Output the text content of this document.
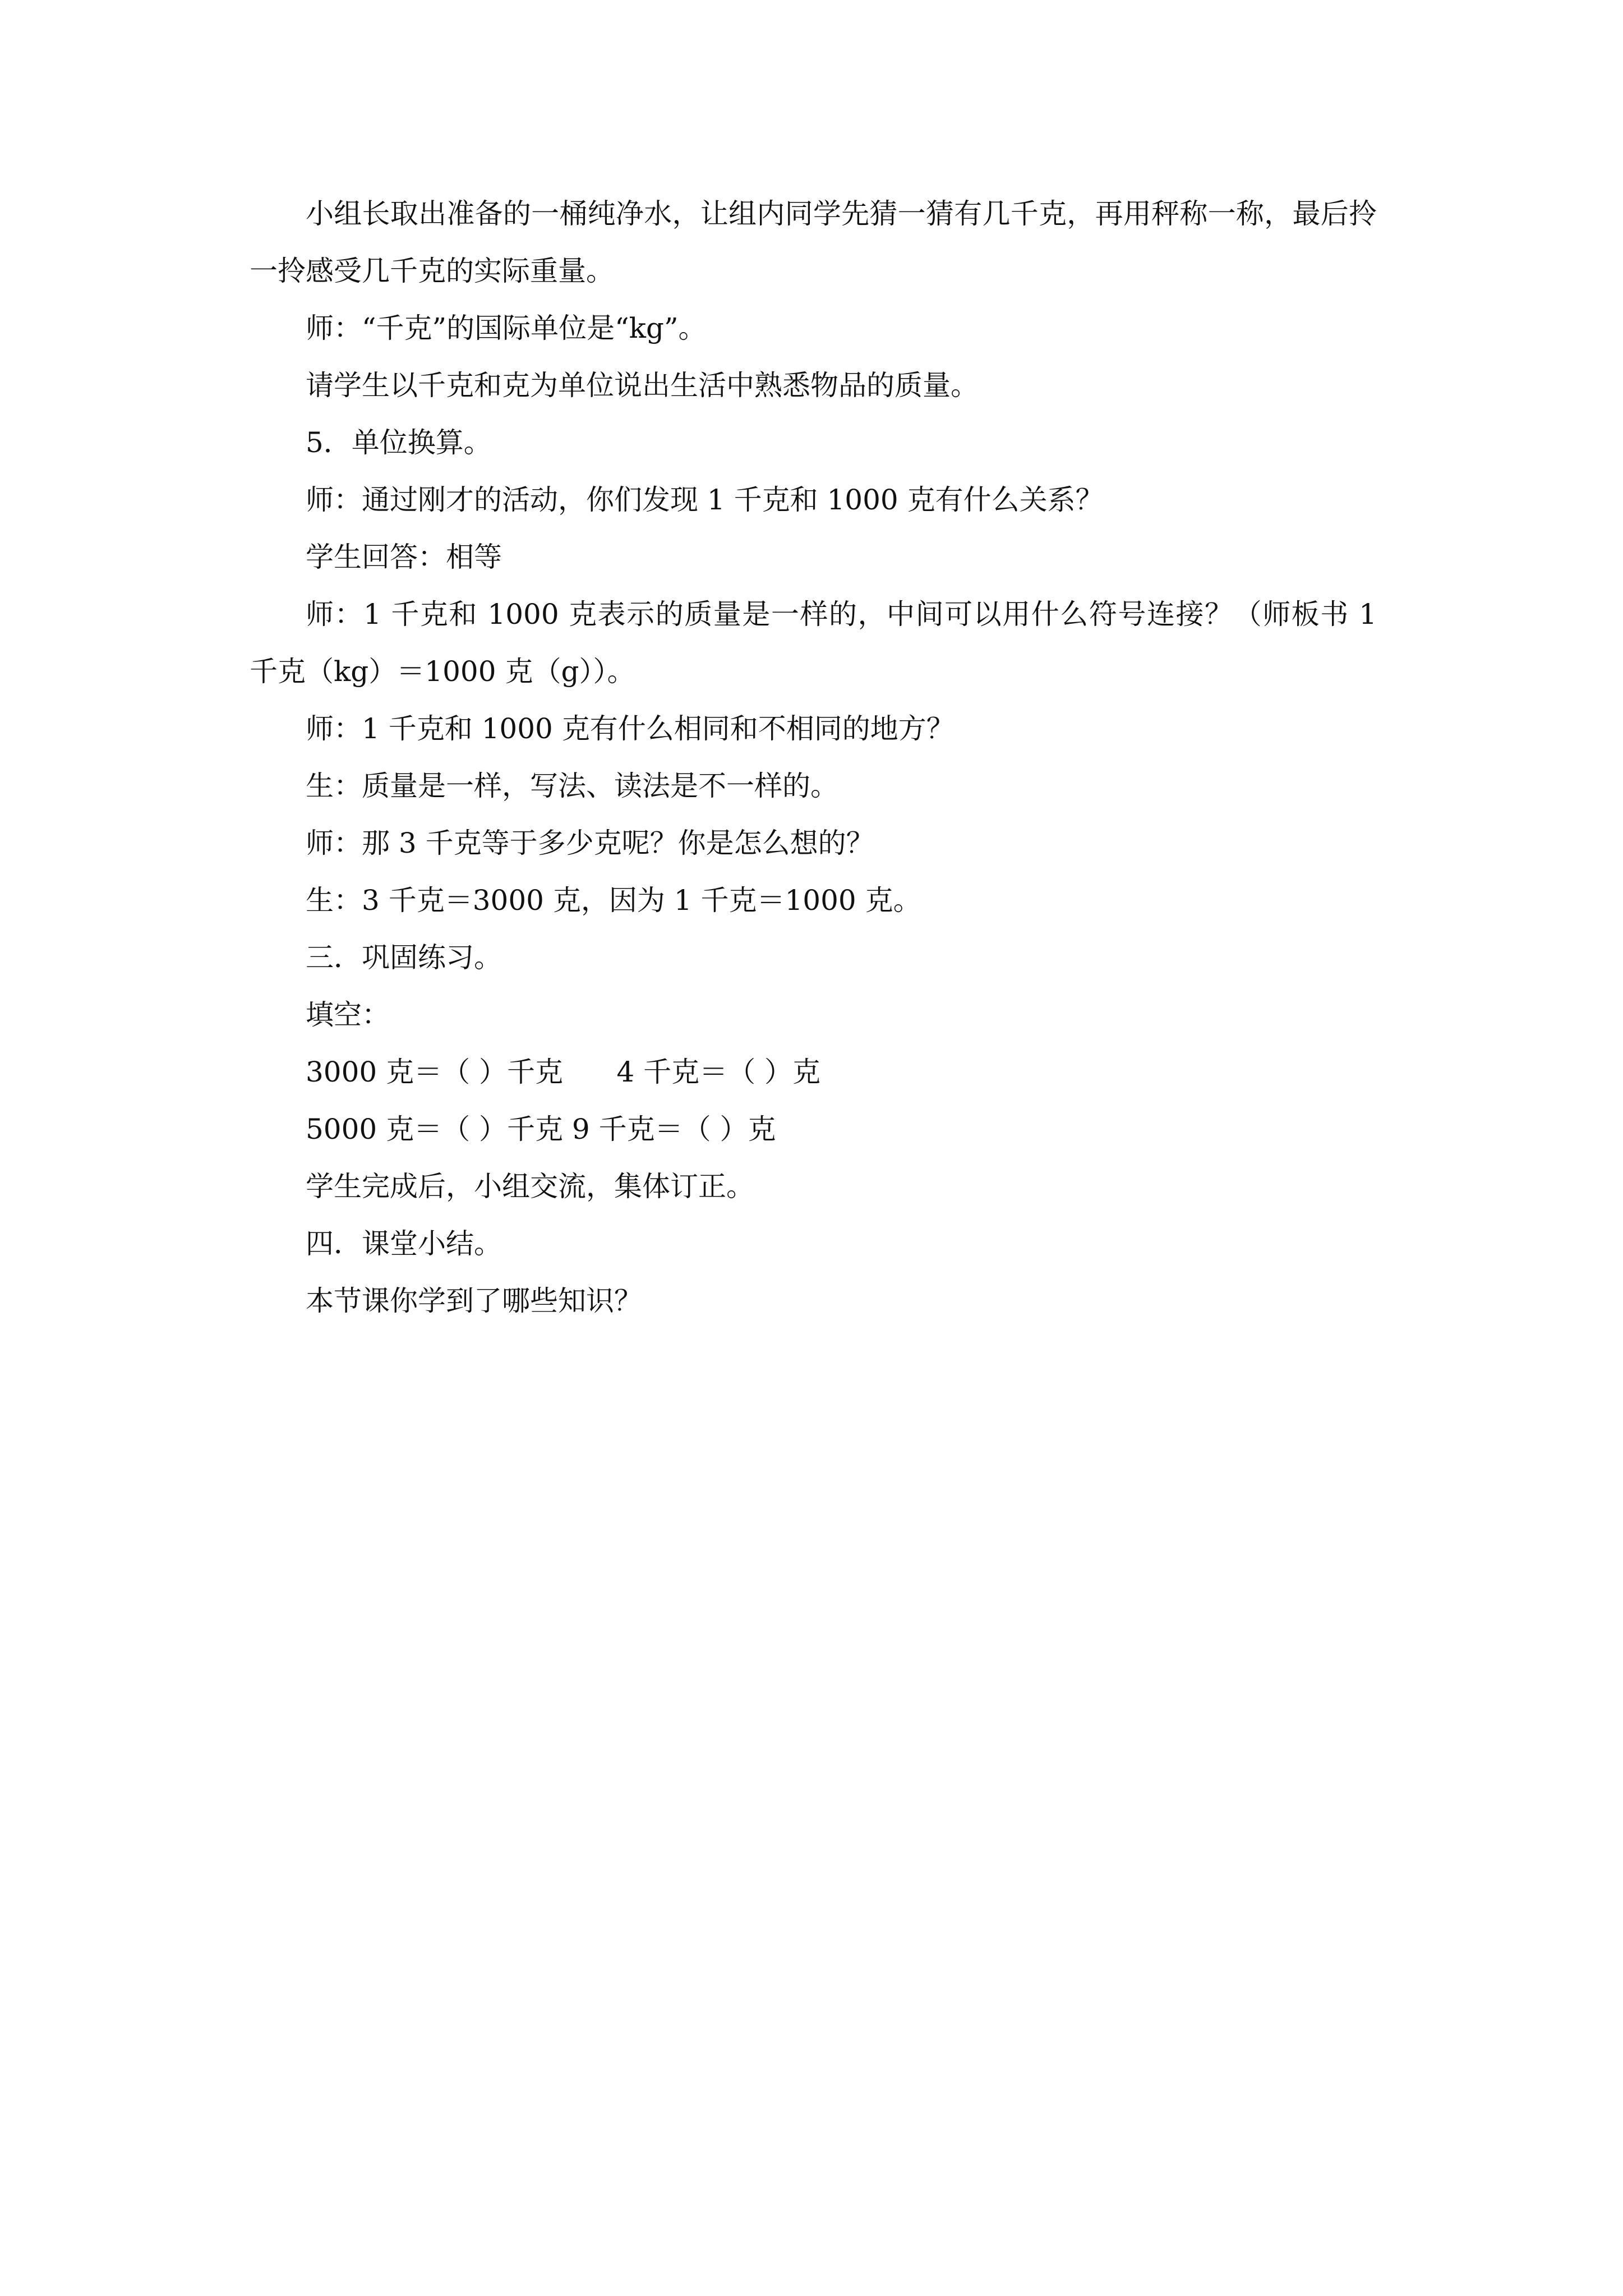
小组长取出准备的一桶纯净水，让组内同学先猜一猜有几千克，再用秤称一称，最后拎一拎感受几千克的实际重量。

师：“千克”的国际单位是“kg”。

请学生以千克和克为单位说出生活中熟悉物品的质量。

5．单位换算。

师：通过刚才的活动，你们发现 1 千克和 1000 克有什么关系？

学生回答：相等

师：1 千克和 1000 克表示的质量是一样的，中间可以用什么符号连接？（师板书 1 千克（kg）＝1000 克（g））。

师：1 千克和 1000 克有什么相同和不相同的地方？

生：质量是一样，写法、读法是不一样的。

师：那 3 千克等于多少克呢？你是怎么想的？

生：3 千克＝3000 克，因为 1 千克＝1000 克。

三．巩固练习。

填空：

3000 克＝（ ）千克      4 千克＝（ ）克

5000 克＝（ ）千克 9 千克＝（ ）克

学生完成后，小组交流，集体订正。

四．课堂小结。

本节课你学到了哪些知识？
